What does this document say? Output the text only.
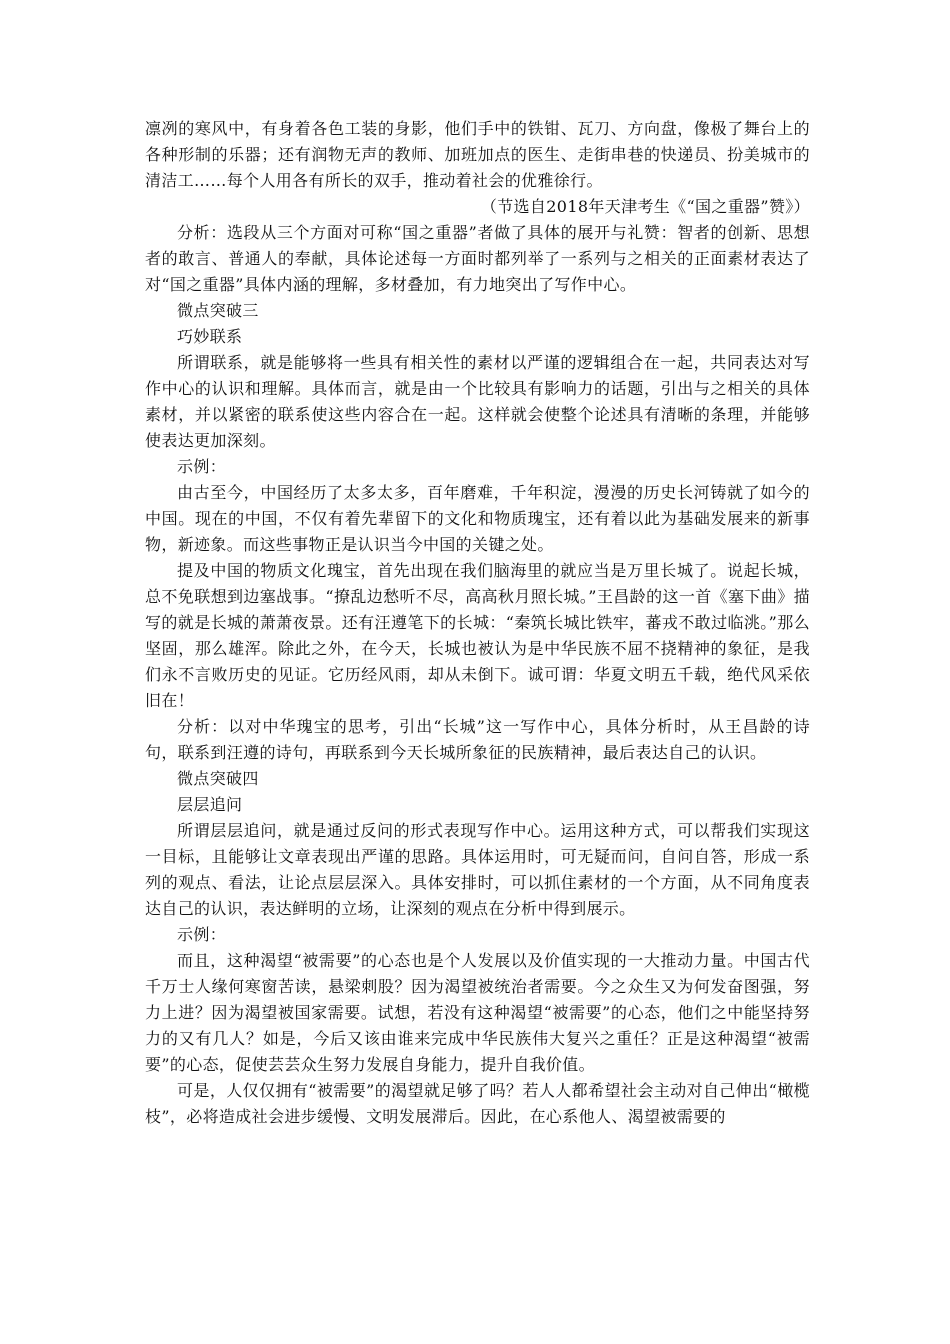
凛冽的寒风中，有身着各色工装的身影，他们手中的铁钳、瓦刀、方向盘，像极了舞台上的各种形制的乐器；还有润物无声的教师、加班加点的医生、走街串巷的快递员、扮美城市的清洁工……每个人用各有所长的双手，推动着社会的优雅徐行。

（节选自2018年天津考生《“国之重器”赞》）

分析：选段从三个方面对可称“国之重器”者做了具体的展开与礼赞：智者的创新、思想者的敢言、普通人的奉献，具体论述每一方面时都列举了一系列与之相关的正面素材表达了对“国之重器”具体内涵的理解，多材叠加，有力地突出了写作中心。

微点突破三

巧妙联系

所谓联系，就是能够将一些具有相关性的素材以严谨的逻辑组合在一起，共同表达对写作中心的认识和理解。具体而言，就是由一个比较具有影响力的话题，引出与之相关的具体素材，并以紧密的联系使这些内容合在一起。这样就会使整个论述具有清晰的条理，并能够使表达更加深刻。

示例：

由古至今，中国经历了太多太多，百年磨难，千年积淀，漫漫的历史长河铸就了如今的中国。现在的中国，不仅有着先辈留下的文化和物质瑰宝，还有着以此为基础发展来的新事物，新迹象。而这些事物正是认识当今中国的关键之处。

提及中国的物质文化瑰宝，首先出现在我们脑海里的就应当是万里长城了。说起长城，总不免联想到边塞战事。“撩乱边愁听不尽，高高秋月照长城。”王昌龄的这一首《塞下曲》描写的就是长城的萧萧夜景。还有汪遵笔下的长城：“秦筑长城比铁牢，蕃戎不敢过临洮。”那么坚固，那么雄浑。除此之外，在今天，长城也被认为是中华民族不屈不挠精神的象征，是我们永不言败历史的见证。它历经风雨，却从未倒下。诚可谓：华夏文明五千载，绝代风采依旧在！

分析：以对中华瑰宝的思考，引出“长城”这一写作中心，具体分析时，从王昌龄的诗句，联系到汪遵的诗句，再联系到今天长城所象征的民族精神，最后表达自己的认识。

微点突破四

层层追问

所谓层层追问，就是通过反问的形式表现写作中心。运用这种方式，可以帮我们实现这一目标，且能够让文章表现出严谨的思路。具体运用时，可无疑而问，自问自答，形成一系列的观点、看法，让论点层层深入。具体安排时，可以抓住素材的一个方面，从不同角度表达自己的认识，表达鲜明的立场，让深刻的观点在分析中得到展示。

示例：

而且，这种渴望“被需要”的心态也是个人发展以及价值实现的一大推动力量。中国古代千万士人缘何寒窗苦读，悬梁刺股？因为渴望被统治者需要。今之众生又为何发奋图强，努力上进？因为渴望被国家需要。试想，若没有这种渴望“被需要”的心态，他们之中能坚持努力的又有几人？如是，今后又该由谁来完成中华民族伟大复兴之重任？正是这种渴望“被需要”的心态，促使芸芸众生努力发展自身能力，提升自我价值。

可是，人仅仅拥有“被需要”的渴望就足够了吗？若人人都希望社会主动对自己伸出“橄榄枝”，必将造成社会进步缓慢、文明发展滞后。因此，在心系他人、渴望被需要的
